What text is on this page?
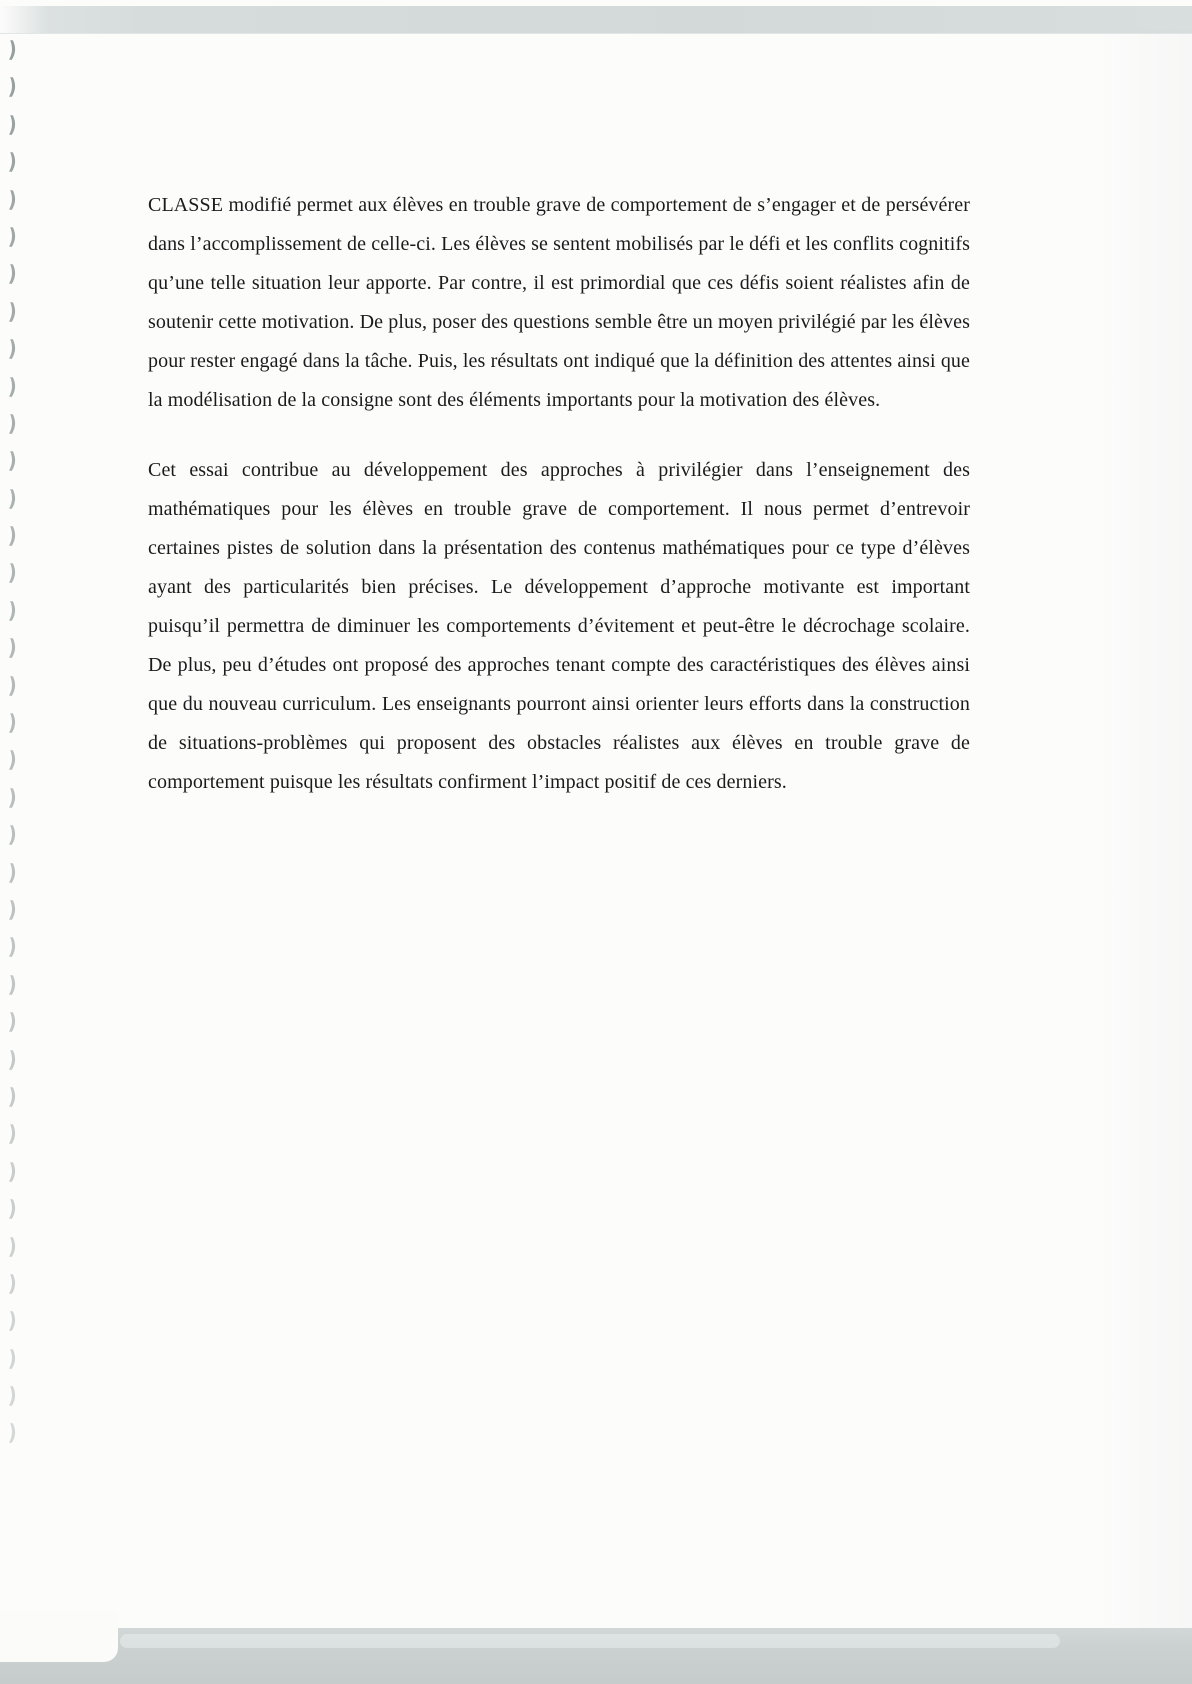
)
)
)
)
)
)
)
)
)
)
)
)
)
)
)
)
)
)
)
)
)
)
)
)
)
)
)
)
)
)
)
)
)
)
)
)
)
)

CLASSE modifié permet aux élèves en trouble grave de comportement de s’engager et de persévérer dans l’accomplissement de celle-ci. Les élèves se sentent mobilisés par le défi et les conflits cognitifs qu’une telle situation leur apporte. Par contre, il est primordial que ces défis soient réalistes afin de soutenir cette motivation. De plus, poser des questions semble être un moyen privilégié par les élèves pour rester engagé dans la tâche. Puis, les résultats ont indiqué que la définition des attentes ainsi que la modélisation de la consigne sont des éléments importants pour la motivation des élèves.

Cet essai contribue au développement des approches à privilégier dans l’enseignement des mathématiques pour les élèves en trouble grave de comportement. Il nous permet d’entrevoir certaines pistes de solution dans la présentation des contenus mathématiques pour ce type d’élèves ayant des particularités bien précises. Le développement d’approche motivante est important puisqu’il permettra de diminuer les comportements d’évitement et peut-être le décrochage scolaire. De plus, peu d’études ont proposé des approches tenant compte des caractéristiques des élèves ainsi que du nouveau curriculum. Les enseignants pourront ainsi orienter leurs efforts dans la construction de situations-problèmes qui proposent des obstacles réalistes aux élèves en trouble grave de comportement puisque les résultats confirment l’impact positif de ces derniers.
